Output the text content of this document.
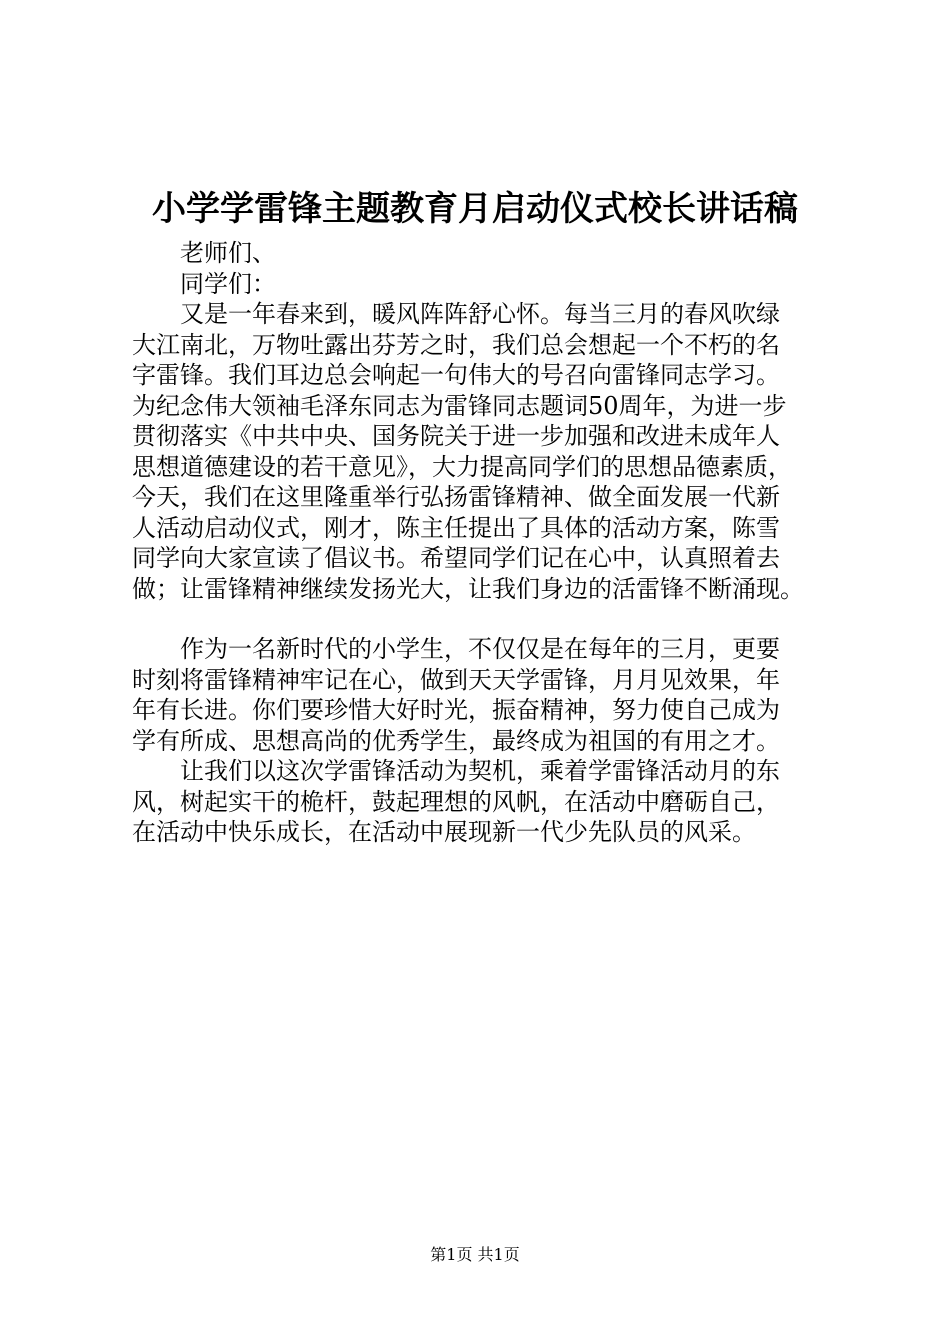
小学学雷锋主题教育月启动仪式校长讲话稿
老师们、
同学们：
又是一年春来到，暖风阵阵舒心怀。每当三月的春风吹绿
大江南北，万物吐露出芬芳之时，我们总会想起一个不朽的名
字雷锋。我们耳边总会响起一句伟大的号召向雷锋同志学习。
为纪念伟大领袖毛泽东同志为雷锋同志题词50周年，为进一步
贯彻落实《中共中央、国务院关于进一步加强和改进未成年人
思想道德建设的若干意见》，大力提高同学们的思想品德素质，
今天，我们在这里隆重举行弘扬雷锋精神、做全面发展一代新
人活动启动仪式，刚才，陈主任提出了具体的活动方案，陈雪
同学向大家宣读了倡议书。希望同学们记在心中，认真照着去
做；让雷锋精神继续发扬光大，让我们身边的活雷锋不断涌现。
作为一名新时代的小学生，不仅仅是在每年的三月，更要
时刻将雷锋精神牢记在心，做到天天学雷锋，月月见效果，年
年有长进。你们要珍惜大好时光，振奋精神，努力使自己成为
学有所成、思想高尚的优秀学生，最终成为祖国的有用之才。
让我们以这次学雷锋活动为契机，乘着学雷锋活动月的东
风，树起实干的桅杆，鼓起理想的风帆，在活动中磨砺自己，
在活动中快乐成长，在活动中展现新一代少先队员的风采。
第1页 共1页
